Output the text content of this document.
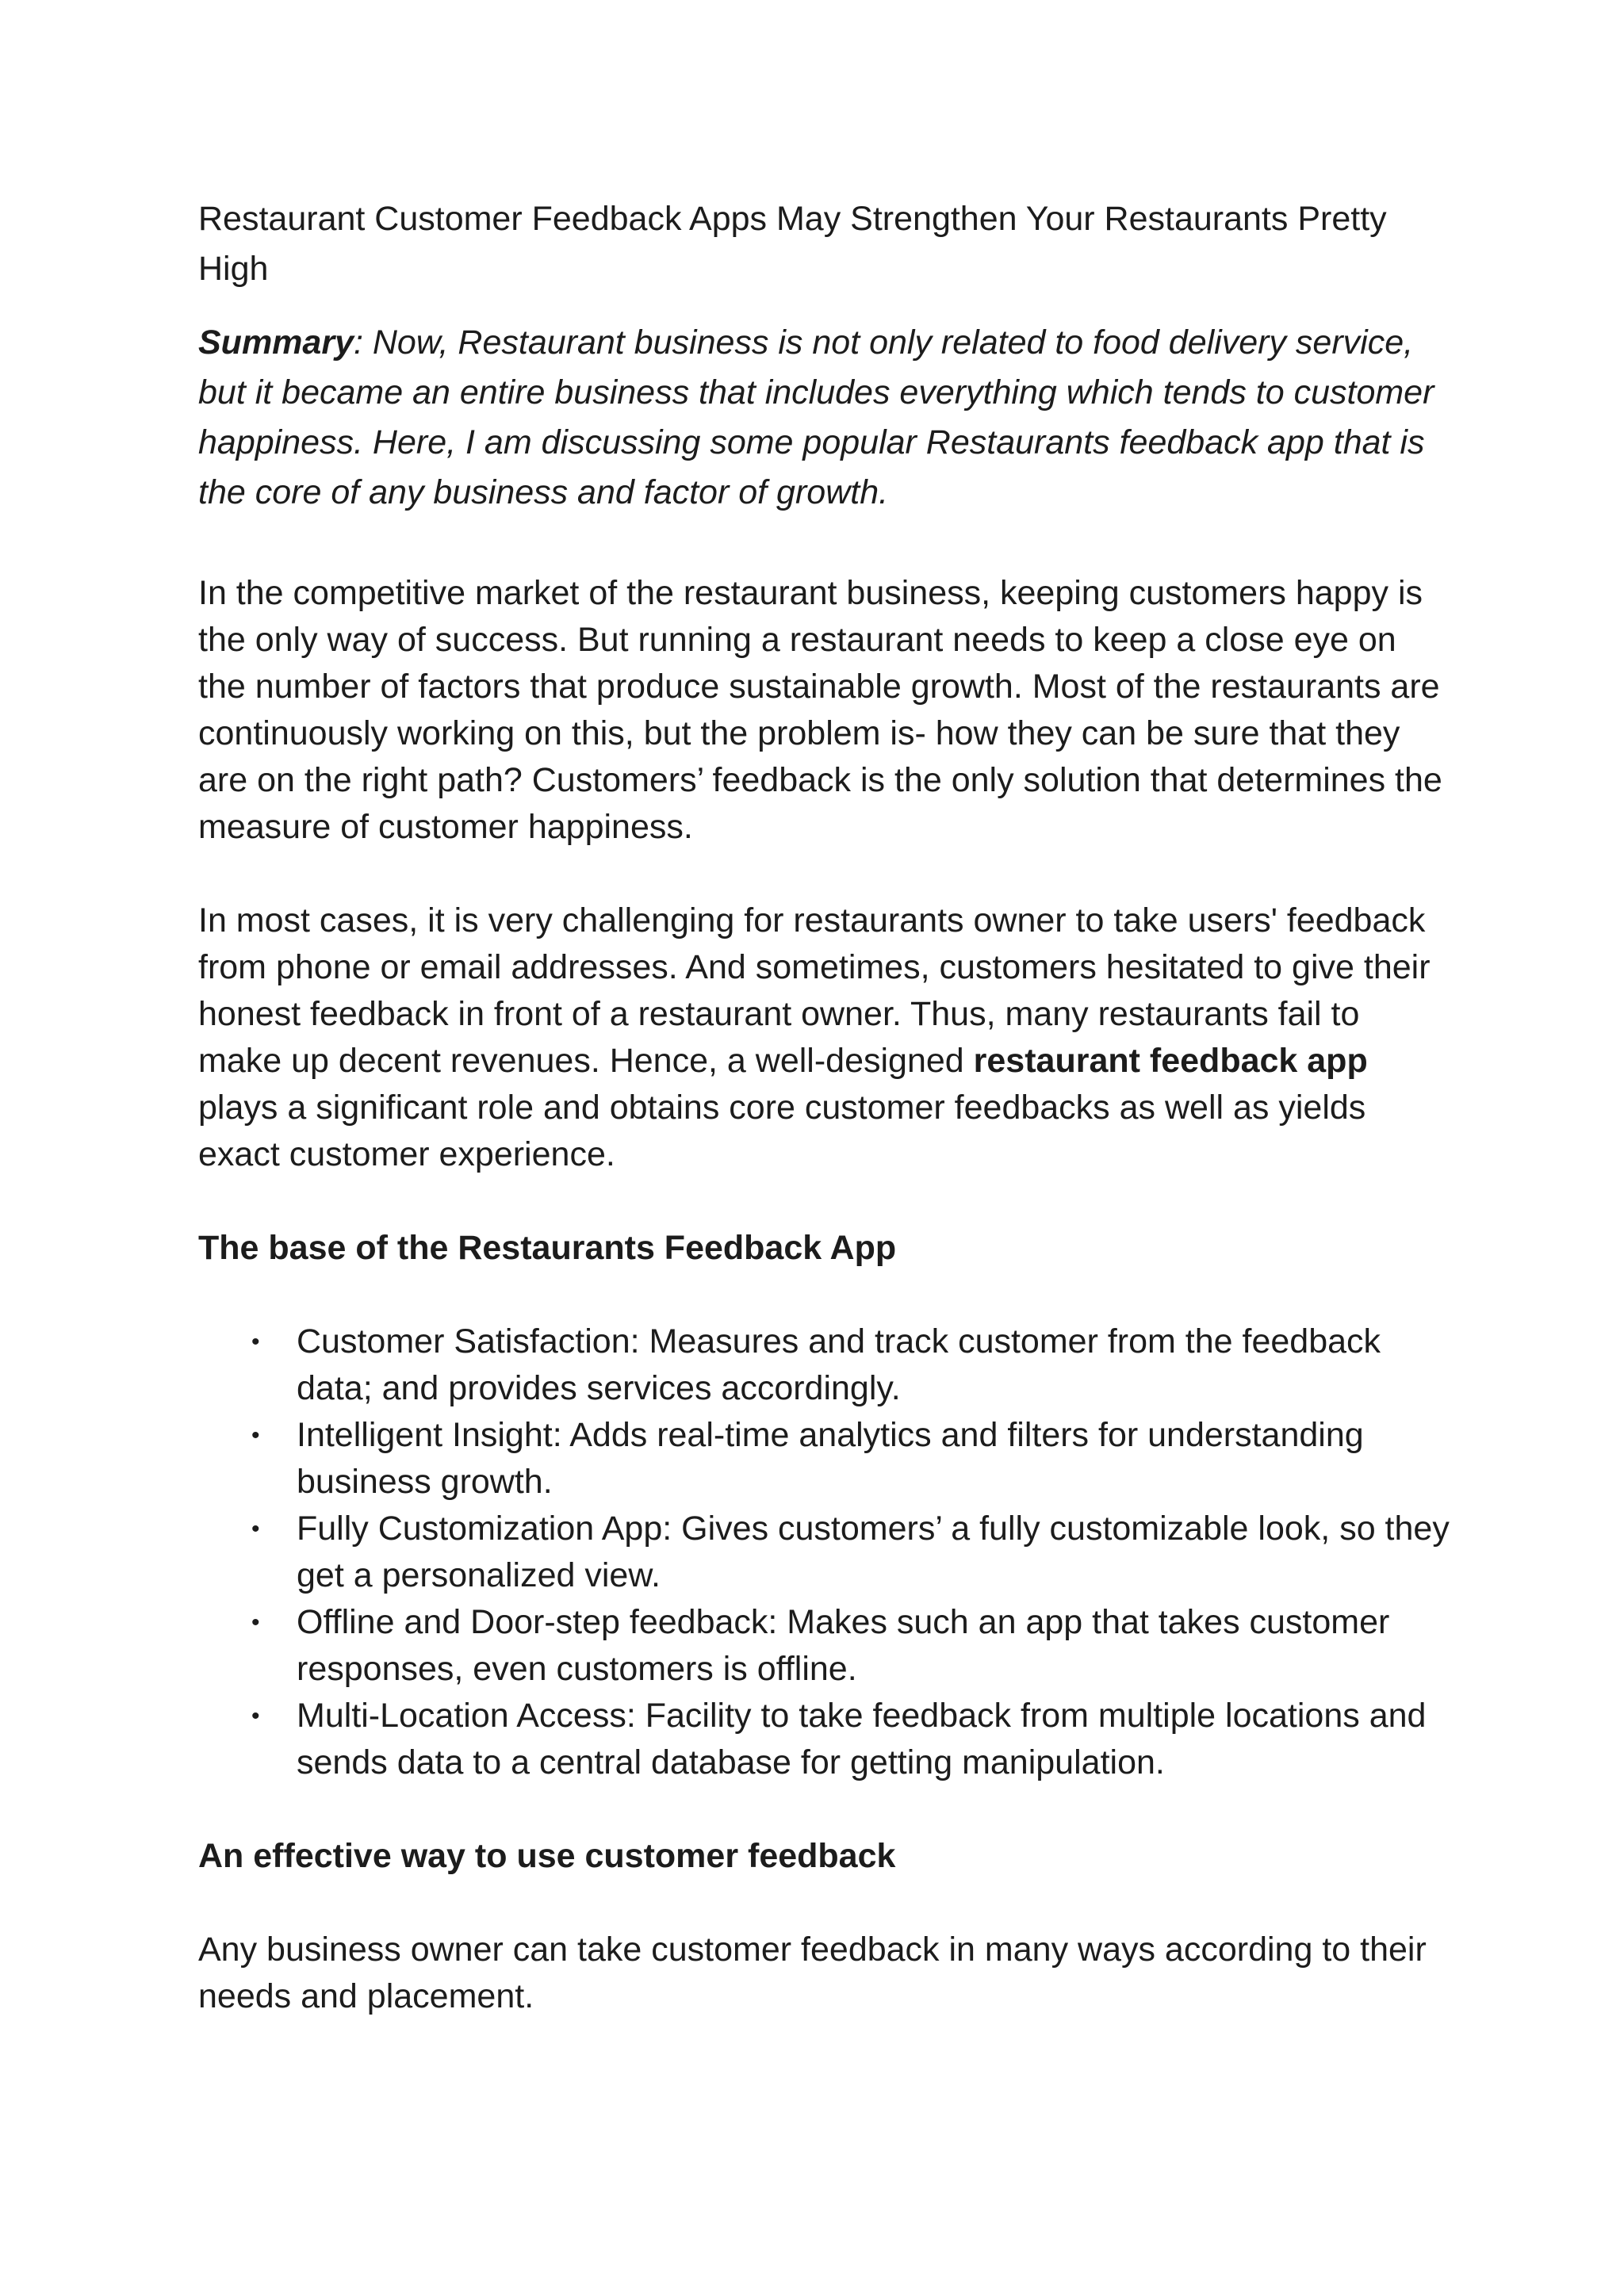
Restaurant Customer Feedback Apps May Strengthen Your Restaurants Pretty High

Summary: Now, Restaurant business is not only related to food delivery service, but it became an entire business that includes everything which tends to customer happiness. Here, I am discussing some popular Restaurants feedback app that is the core of any business and factor of growth.

In the competitive market of the restaurant business, keeping customers happy is the only way of success. But running a restaurant needs to keep a close eye on the number of factors that produce sustainable growth. Most of the restaurants are continuously working on this, but the problem is- how they can be sure that they are on the right path? Customers’ feedback is the only solution that determines the measure of customer happiness.

In most cases, it is very challenging for restaurants owner to take users' feedback from phone or email addresses. And sometimes, customers hesitated to give their honest feedback in front of a restaurant owner. Thus, many restaurants fail to make up decent revenues. Hence, a well-designed restaurant feedback app plays a significant role and obtains core customer feedbacks as well as yields exact customer experience.

The base of the Restaurants Feedback App

• Customer Satisfaction: Measures and track customer from the feedback data; and provides services accordingly.
• Intelligent Insight: Adds real-time analytics and filters for understanding business growth.
• Fully Customization App: Gives customers’ a fully customizable look, so they get a personalized view.
• Offline and Door-step feedback: Makes such an app that takes customer responses, even customers is offline.
• Multi-Location Access: Facility to take feedback from multiple locations and sends data to a central database for getting manipulation.

An effective way to use customer feedback

Any business owner can take customer feedback in many ways according to their needs and placement.
